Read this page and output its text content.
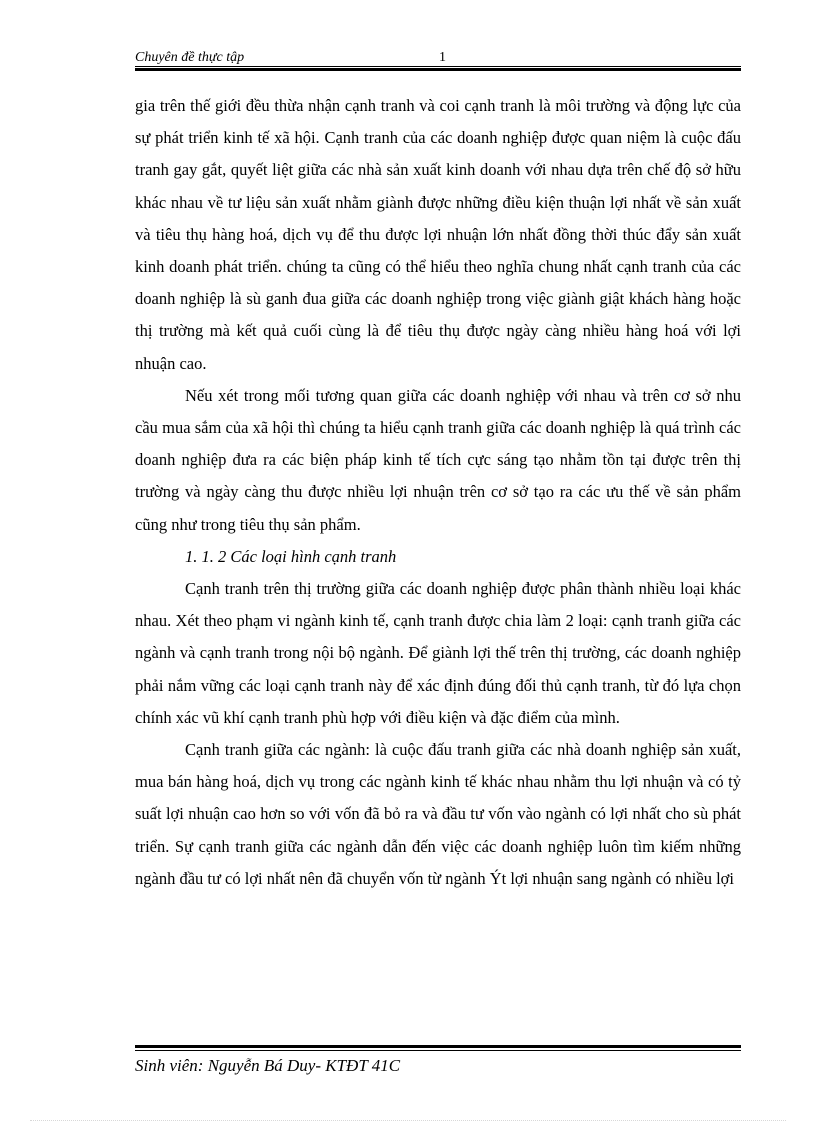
Chuyên đề thực tập	1

gia trên thế giới đều thừa nhận cạnh tranh và coi cạnh tranh là môi trường và động lực của sự phát triển kinh tế xã hội. Cạnh tranh của các doanh nghiệp được quan niệm là cuộc đấu tranh gay gắt, quyết liệt giữa các nhà sản xuất kinh doanh với nhau dựa trên chế độ sở hữu khác nhau về tư liệu sản xuất nhằm giành được những điều kiện thuận lợi nhất về sản xuất và tiêu thụ hàng hoá, dịch vụ để thu được lợi nhuận lớn nhất đồng thời thúc đẩy sản xuất kinh doanh phát triển. chúng ta cũng có thể hiểu theo nghĩa chung nhất cạnh tranh của các doanh nghiệp là sù ganh đua giữa các doanh nghiệp trong việc giành giật khách hàng hoặc thị trường mà kết quả cuối cùng là để tiêu thụ được ngày càng nhiều hàng hoá với lợi nhuận cao.

Nếu xét trong mối tương quan giữa các doanh nghiệp với nhau và trên cơ sở nhu cầu mua sắm của xã hội thì chúng ta hiểu cạnh tranh giữa các doanh nghiệp là quá trình các doanh nghiệp đưa ra các biện pháp kinh tế tích cực sáng tạo nhằm tồn tại được trên thị trường và ngày càng thu được nhiều lợi nhuận trên cơ sở tạo ra các ưu thế về sản phẩm cũng như trong tiêu thụ sản phẩm.

1. 1. 2 Các loại hình cạnh tranh

Cạnh tranh trên thị trường giữa các doanh nghiệp được phân thành nhiều loại khác nhau. Xét theo phạm vi ngành kinh tế, cạnh tranh được chia làm 2 loại: cạnh tranh giữa các ngành và cạnh tranh trong nội bộ ngành. Để giành lợi thế trên thị trường, các doanh nghiệp phải nắm vững các loại cạnh tranh này để xác định đúng đối thủ cạnh tranh, từ đó lựa chọn chính xác vũ khí cạnh tranh phù hợp với điều kiện và đặc điểm của mình.

Cạnh tranh giữa các ngành: là cuộc đấu tranh giữa các nhà doanh nghiệp sản xuất, mua bán hàng hoá, dịch vụ trong các ngành kinh tế khác nhau nhằm thu lợi nhuận và có tỷ suất lợi nhuận cao hơn so với vốn đã bỏ ra và đầu tư vốn vào ngành có lợi nhất cho sù phát triển. Sự cạnh tranh giữa các ngành dẫn đến việc các doanh nghiệp luôn tìm kiếm những ngành đầu tư có lợi nhất nên đã chuyển vốn từ ngành Ýt lợi nhuận sang ngành có nhiều lợi

Sinh viên: Nguyễn Bá Duy- KTĐT 41C
